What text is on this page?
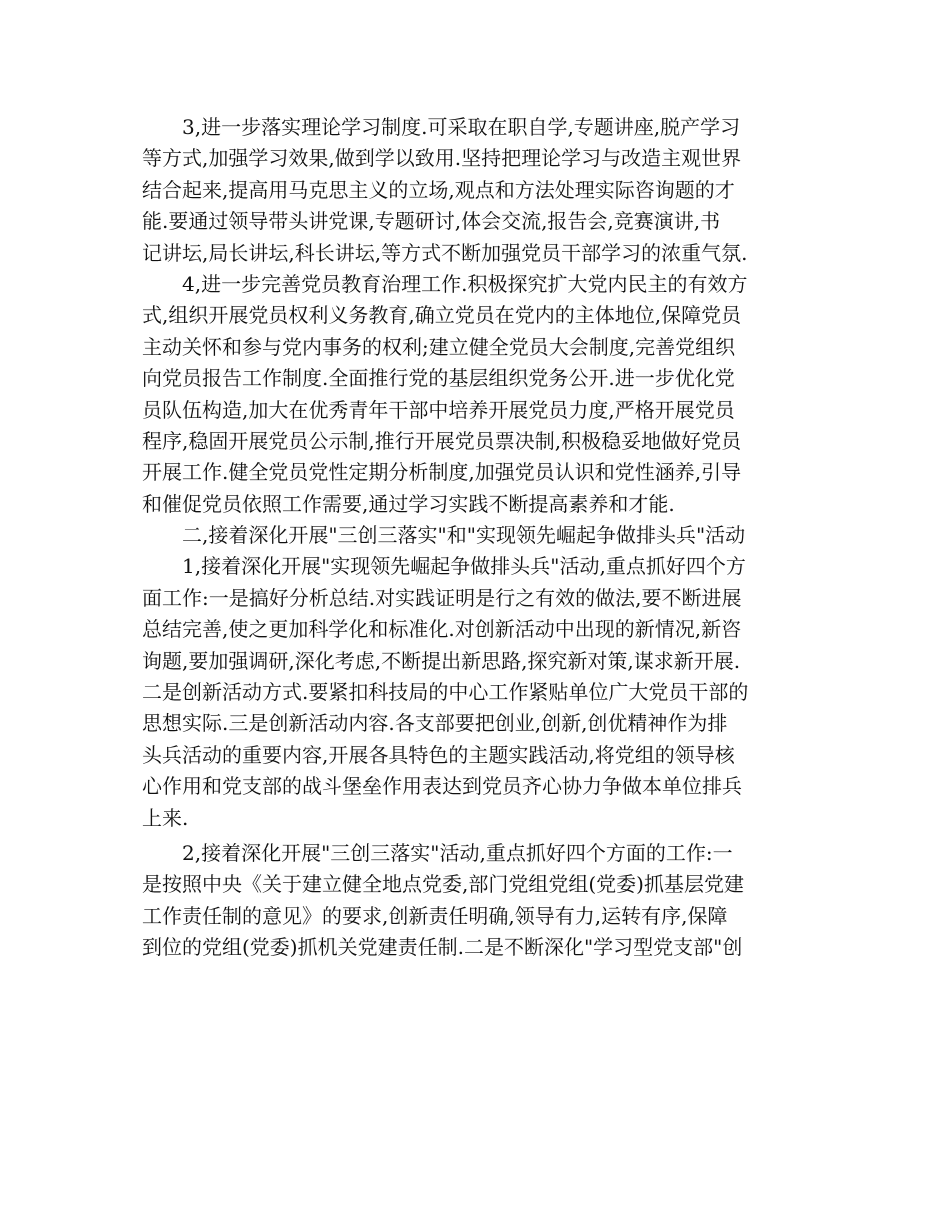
3,进一步落实理论学习制度.可采取在职自学,专题讲座,脱产学习
等方式,加强学习效果,做到学以致用.坚持把理论学习与改造主观世界
结合起来,提高用马克思主义的立场,观点和方法处理实际咨询题的才
能.要通过领导带头讲党课,专题研讨,体会交流,报告会,竞赛演讲,书
记讲坛,局长讲坛,科长讲坛,等方式不断加强党员干部学习的浓重气氛.
4,进一步完善党员教育治理工作.积极探究扩大党内民主的有效方
式,组织开展党员权利义务教育,确立党员在党内的主体地位,保障党员
主动关怀和参与党内事务的权利;建立健全党员大会制度,完善党组织
向党员报告工作制度.全面推行党的基层组织党务公开.进一步优化党
员队伍构造,加大在优秀青年干部中培养开展党员力度,严格开展党员
程序,稳固开展党员公示制,推行开展党员票决制,积极稳妥地做好党员
开展工作.健全党员党性定期分析制度,加强党员认识和党性涵养,引导
和催促党员依照工作需要,通过学习实践不断提高素养和才能.
二,接着深化开展"三创三落实"和"实现领先崛起争做排头兵"活动
1,接着深化开展"实现领先崛起争做排头兵"活动,重点抓好四个方
面工作:一是搞好分析总结.对实践证明是行之有效的做法,要不断进展
总结完善,使之更加科学化和标准化.对创新活动中出现的新情况,新咨
询题,要加强调研,深化考虑,不断提出新思路,探究新对策,谋求新开展.
二是创新活动方式.要紧扣科技局的中心工作紧贴单位广大党员干部的
思想实际.三是创新活动内容.各支部要把创业,创新,创优精神作为排
头兵活动的重要内容,开展各具特色的主题实践活动,将党组的领导核
心作用和党支部的战斗堡垒作用表达到党员齐心协力争做本单位排兵
上来.
2,接着深化开展"三创三落实"活动,重点抓好四个方面的工作:一
是按照中央《关于建立健全地点党委,部门党组党组(党委)抓基层党建
工作责任制的意见》的要求,创新责任明确,领导有力,运转有序,保障
到位的党组(党委)抓机关党建责任制.二是不断深化"学习型党支部"创
